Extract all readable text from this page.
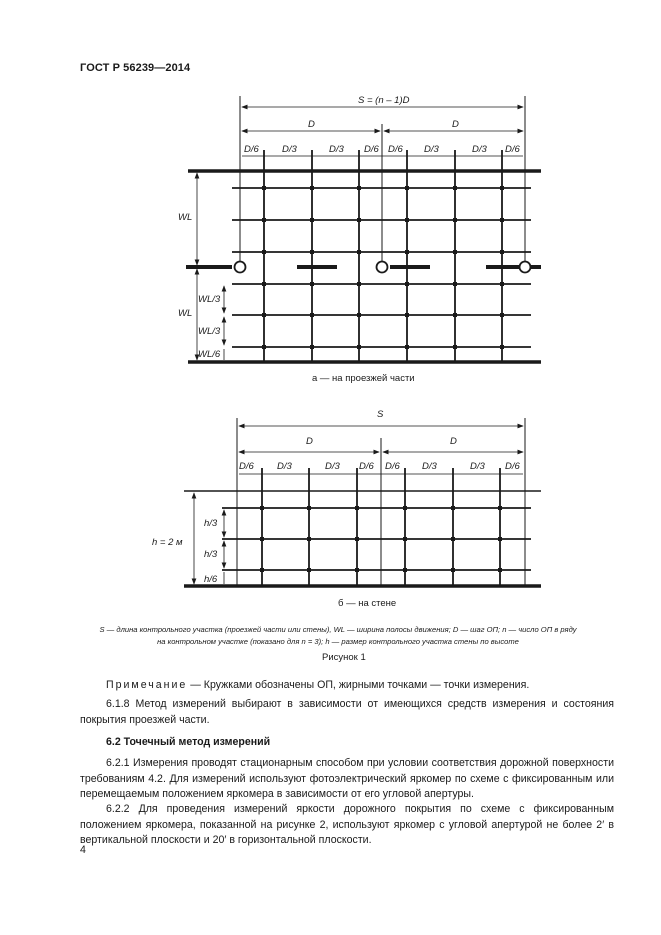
ГОСТ Р 56239—2014
S = (n – 1)D
D	D
D/6 D/3	D/3 D/6 D/6 D/3	D/3 D/6
WL
WL
WL/3
WL/3
WL/6
а — на проезжей части
S
D	D
D/6 D/3	D/3 D/6 D/6 D/3	D/3 D/6
h = 2 м
h/3
h/3
h/6
б — на стене
S — длина контрольного участка (проезжей части или стены), WL — ширина полосы движения; D — шаг ОП; n — число ОП в ряду
на контрольном участке (показано для n = 3); h — размер контрольного участка стены по высоте
Рисунок 1
Примечание — Кружками обозначены ОП, жирными точками — точки измерения.
6.1.8 Метод измерений выбирают в зависимости от имеющихся средств измерения и состояния покрытия проезжей части.
6.2 Точечный метод измерений
6.2.1 Измерения проводят стационарным способом при условии соответствия дорожной поверхности требованиям 4.2. Для измерений используют фотоэлектрический яркомер по схеме с фиксированным или перемещаемым положением яркомера в зависимости от его угловой апертуры.
6.2.2 Для проведения измерений яркости дорожного покрытия по схеме с фиксированным положением яркомера, показанной на рисунке 2, используют яркомер с угловой апертурой не более 2′ в вертикальной плоскости и 20′ в горизонтальной плоскости.
4
